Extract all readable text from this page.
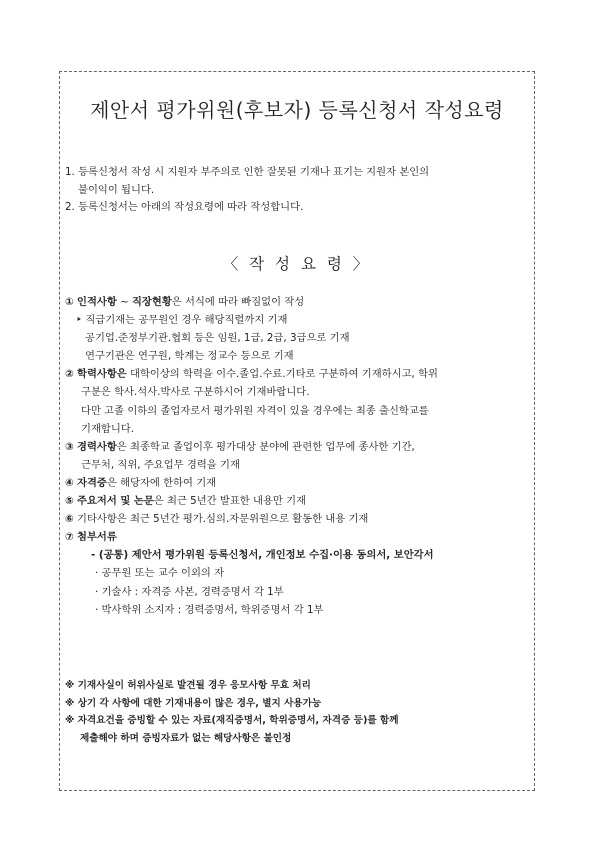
제안서 평가위원(후보자) 등록신청서 작성요령
1. 등록신청서 작성 시 지원자 부주의로 인한 잘못된 기재나 표기는 지원자 본인의
불이익이 됩니다.
2. 등록신청서는 아래의 작성요령에 따라 작성합니다.
〈 작 성 요 령 〉
① 인적사항 ~ 직장현황은 서식에 따라 빠짐없이 작성
‣ 직급기재는 공무원인 경우 해당직렬까지 기재
공기업.준정부기관.협회 등은 임원, 1급, 2급, 3급으로 기재
연구기관은 연구원, 학계는 정교수 등으로 기재
② 학력사항은 대학이상의 학력을 이수.졸업.수료.기타로 구분하여 기재하시고, 학위
구분은 학사.석사.박사로 구분하시어 기재바랍니다.
다만 고졸 이하의 졸업자로서 평가위원 자격이 있을 경우에는 최종 출신학교를
기재합니다.
③ 경력사항은 최종학교 졸업이후 평가대상 분야에 관련한 업무에 종사한 기간,
근무처, 직위, 주요업무 경력을 기재
④ 자격증은 해당자에 한하여 기재
⑤ 주요저서 및 논문은 최근 5년간 발표한 내용만 기재
⑥ 기타사항은 최근 5년간 평가.심의.자문위원으로 활동한 내용 기재
⑦ 첨부서류
- (공통) 제안서 평가위원 등록신청서, 개인정보 수집·이용 동의서, 보안각서
· 공무원 또는 교수 이외의 자
· 기술사 : 자격증 사본, 경력증명서 각 1부
· 박사학위 소지자 : 경력증명서, 학위증명서 각 1부
※ 기재사실이 허위사실로 발견될 경우 응모사항 무효 처리
※ 상기 각 사항에 대한 기재내용이 많은 경우, 별지 사용가능
※ 자격요건을 증빙할 수 있는 자료(재직증명서, 학위증명서, 자격증 등)를 함께
제출해야 하며 증빙자료가 없는 해당사항은 불인정
